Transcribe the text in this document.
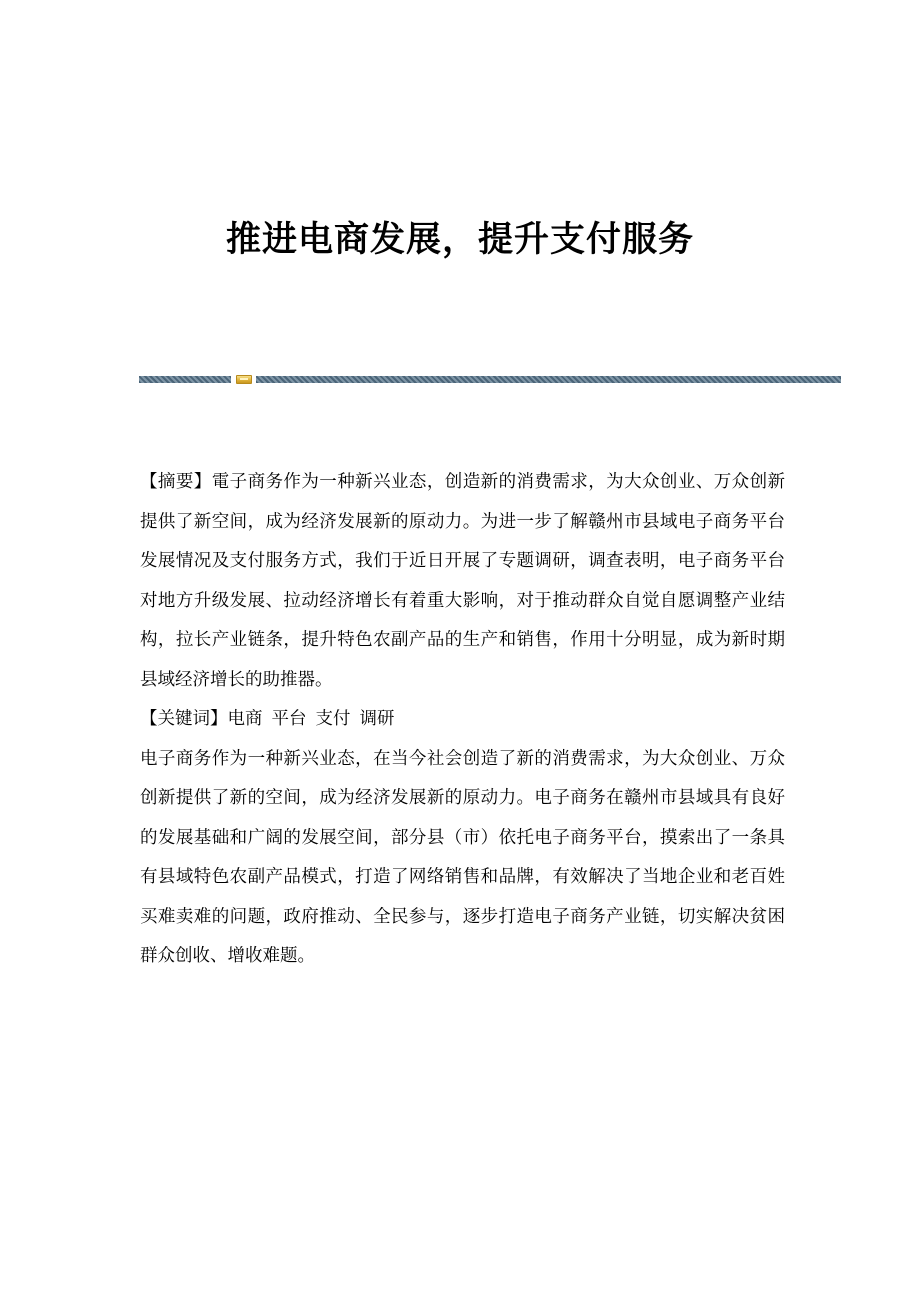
推进电商发展，提升支付服务

【摘要】電子商务作为一种新兴业态，创造新的消费需求，为大众创业、万众创新提供了新空间，成为经济发展新的原动力。为进一步了解赣州市县域电子商务平台发展情况及支付服务方式，我们于近日开展了专题调研，调查表明，电子商务平台对地方升级发展、拉动经济增长有着重大影响，对于推动群众自觉自愿调整产业结构，拉长产业链条，提升特色农副产品的生产和销售，作用十分明显，成为新时期县域经济增长的助推器。

【关键词】电商 平台 支付 调研

电子商务作为一种新兴业态，在当今社会创造了新的消费需求，为大众创业、万众创新提供了新的空间，成为经济发展新的原动力。电子商务在赣州市县域具有良好的发展基础和广阔的发展空间，部分县（市）依托电子商务平台，摸索出了一条具有县域特色农副产品模式，打造了网络销售和品牌，有效解决了当地企业和老百姓买难卖难的问题，政府推动、全民参与，逐步打造电子商务产业链，切实解决贫困群众创收、增收难题。
